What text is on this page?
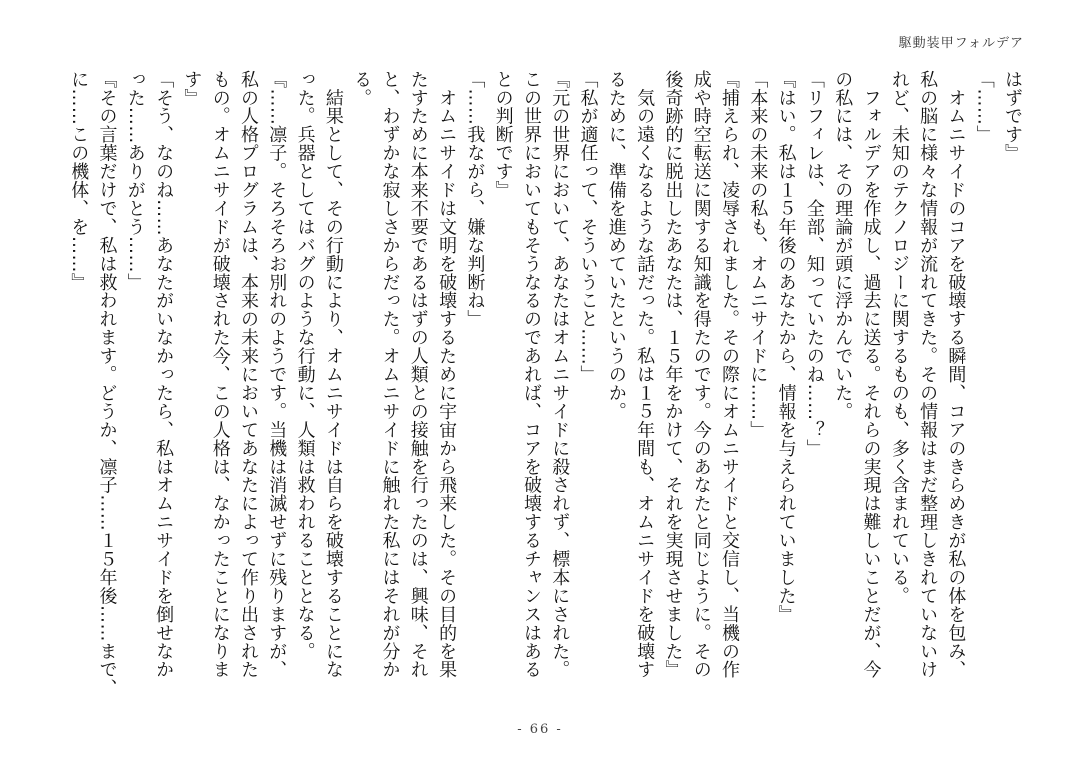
駆動装甲フォルデア
はずです』
「……」
　オムニサイドのコアを破壊する瞬間、コアのきらめきが私の体を包み、
私の脳に様々な情報が流れてきた。その情報はまだ整理しきれていないけ
れど、未知のテクノロジーに関するものも、多く含まれている。
　フォルデアを作成し、過去に送る。それらの実現は難しいことだが、今
の私には、その理論が頭に浮かんでいた。
「リフィレは、全部、知っていたのね……？」
『はい。私は１５年後のあなたから、情報を与えられていました』
「本来の未来の私も、オムニサイドに……」
『捕えられ、凌辱されました。その際にオムニサイドと交信し、当機の作
成や時空転送に関する知識を得たのです。今のあなたと同じように。その
後奇跡的に脱出したあなたは、１５年をかけて、それを実現させました』
　気の遠くなるような話だった。私は１５年間も、オムニサイドを破壊す
るために、準備を進めていたというのか。
「私が適任って、そういうこと……」
『元の世界において、あなたはオムニサイドに殺されず、標本にされた。
この世界においてもそうなるのであれば、コアを破壊するチャンスはある
との判断です』
「……我ながら、嫌な判断ね」
　オムニサイドは文明を破壊するために宇宙から飛来した。その目的を果
たすために本来不要であるはずの人類との接触を行ったのは、興味、それ
と、わずかな寂しさからだった。オムニサイドに触れた私にはそれが分か
る。
　結果として、その行動により、オムニサイドは自らを破壊することにな
った。兵器としてはバグのような行動に、人類は救われることとなる。
『……凛子。そろそろお別れのようです。当機は消滅せずに残りますが、
私の人格プログラムは、本来の未来においてあなたによって作り出された
もの。オムニサイドが破壊された今、この人格は、なかったことになりま
す』
「そう、なのね……あなたがいなかったら、私はオムニサイドを倒せなか
った……ありがとう……」
『その言葉だけで、私は救われます。どうか、凛子……１５年後……まで、
に……この機体、を……』
- 66 -
